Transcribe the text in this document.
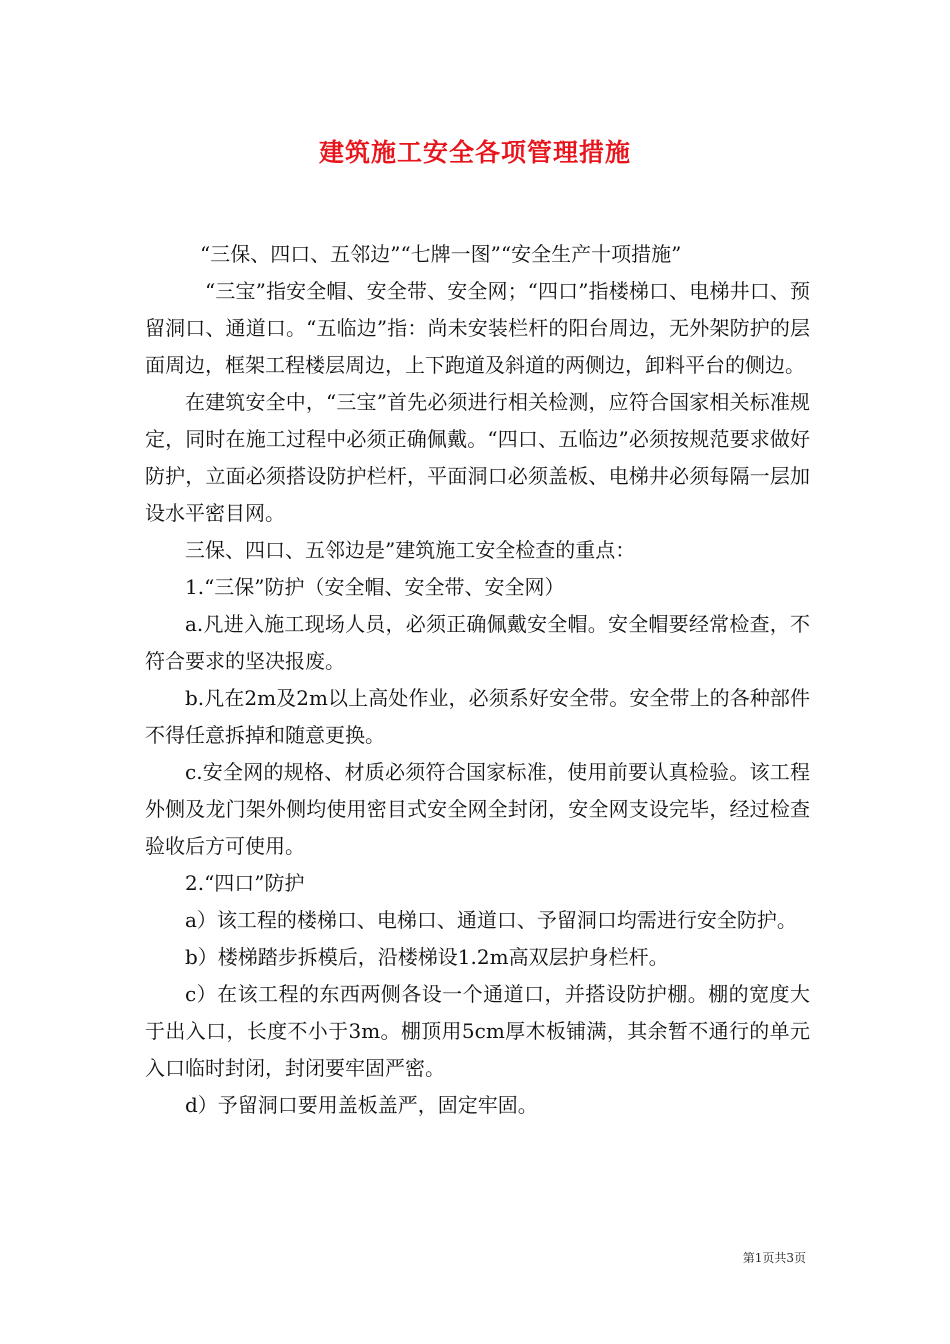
建筑施工安全各项管理措施

“三保、四口、五邻边”“七牌一图”“安全生产十项措施”

“三宝”指安全帽、安全带、安全网；“四口”指楼梯口、电梯井口、预留洞口、通道口。“五临边”指：尚未安装栏杆的阳台周边，无外架防护的层面周边，框架工程楼层周边，上下跑道及斜道的两侧边，卸料平台的侧边。

在建筑安全中，“三宝”首先必须进行相关检测，应符合国家相关标准规定，同时在施工过程中必须正确佩戴。“四口、五临边”必须按规范要求做好防护，立面必须搭设防护栏杆，平面洞口必须盖板、电梯井必须每隔一层加设水平密目网。

三保、四口、五邻边是”建筑施工安全检查的重点：

1.“三保”防护（安全帽、安全带、安全网）

a.凡进入施工现场人员，必须正确佩戴安全帽。安全帽要经常检查，不符合要求的坚决报废。

b.凡在2m及2m以上高处作业，必须系好安全带。安全带上的各种部件不得任意拆掉和随意更换。

c.安全网的规格、材质必须符合国家标准，使用前要认真检验。该工程外侧及龙门架外侧均使用密目式安全网全封闭，安全网支设完毕，经过检查验收后方可使用。

2.“四口”防护

a）该工程的楼梯口、电梯口、通道口、予留洞口均需进行安全防护。

b）楼梯踏步拆模后，沿楼梯设1.2m高双层护身栏杆。

c）在该工程的东西两侧各设一个通道口，并搭设防护棚。棚的宽度大于出入口，长度不小于3m。棚顶用5cm厚木板铺满，其余暂不通行的单元入口临时封闭，封闭要牢固严密。

d）予留洞口要用盖板盖严，固定牢固。

第1页共3页
